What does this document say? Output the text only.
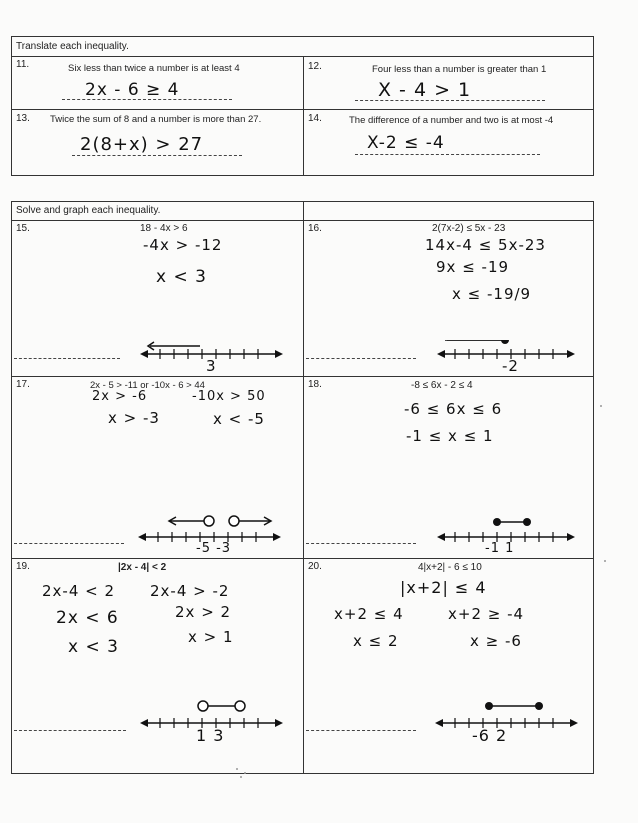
Translate each inequality.
11.	Six less than twice a number is at least 4
2x - 6 ≥ 4
12.	Four less than a number is greater than 1
X - 4 > 1
13. Twice the sum of 8 and a number is more than 27.
2(8+x) > 27
14.	The difference of a number and two is at most -4
X-2 ≤ -4
Solve and graph each inequality.
15.	18 - 4x > 6
-4x > -12
x < 3
3
16.	2(7x-2) ≤ 5x - 23
14x-4 ≤ 5x-23
9x ≤ -19
x ≤ -19/9
-2
17.	2x - 5 > -11 or -10x - 6 > 44
2x > -6	-10x > 50
x > -3	x < -5
-5 -3
18.	-8 ≤ 6x - 2 ≤ 4
-6 ≤ 6x ≤ 6
-1 ≤ x ≤ 1
-1 1
19.	|2x - 4| < 2
2x-4 < 2 2x-4 > -2
2x < 6	2x > 2
x < 3	x > 1
1 3
20.	4|x+2| - 6 ≤ 10
|x+2| ≤ 4
x+2 ≤ 4	x+2 ≥ -4
x ≤ 2	x ≥ -6
-6 2
